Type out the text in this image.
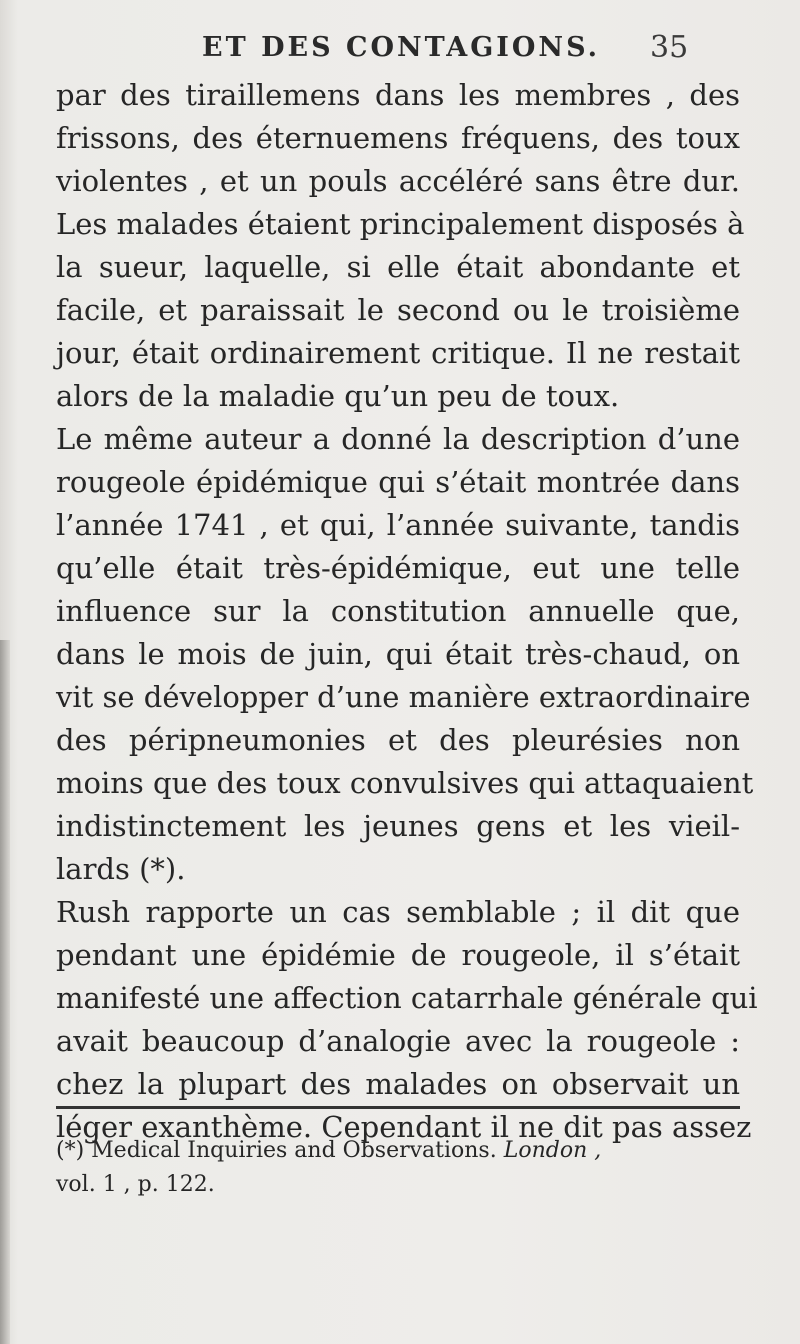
ET DES CONTAGIONS. 35
par des tiraillemens dans les membres , des
frissons, des éternuemens fréquens, des toux
violentes , et un pouls accéléré sans être dur.
Les malades étaient principalement disposés à
la sueur, laquelle, si elle était abondante et
facile, et paraissait le second ou le troisième
jour, était ordinairement critique. Il ne restait
alors de la maladie qu’un peu de toux.
Le même auteur a donné la description d’une
rougeole épidémique qui s’était montrée dans
l’année 1741 , et qui, l’année suivante, tandis
qu’elle était très-épidémique, eut une telle
influence sur la constitution annuelle que,
dans le mois de juin, qui était très-chaud, on
vit se développer d’une manière extraordinaire
des péripneumonies et des pleurésies non
moins que des toux convulsives qui attaquaient
indistinctement les jeunes gens et les vieil-
lards (*).
Rush rapporte un cas semblable ; il dit que
pendant une épidémie de rougeole, il s’était
manifesté une affection catarrhale générale qui
avait beaucoup d’analogie avec la rougeole :
chez la plupart des malades on observait un
léger exanthème. Cependant il ne dit pas assez
(*) Medical Inquiries and Observations. London ,
vol. 1 , p. 122.
